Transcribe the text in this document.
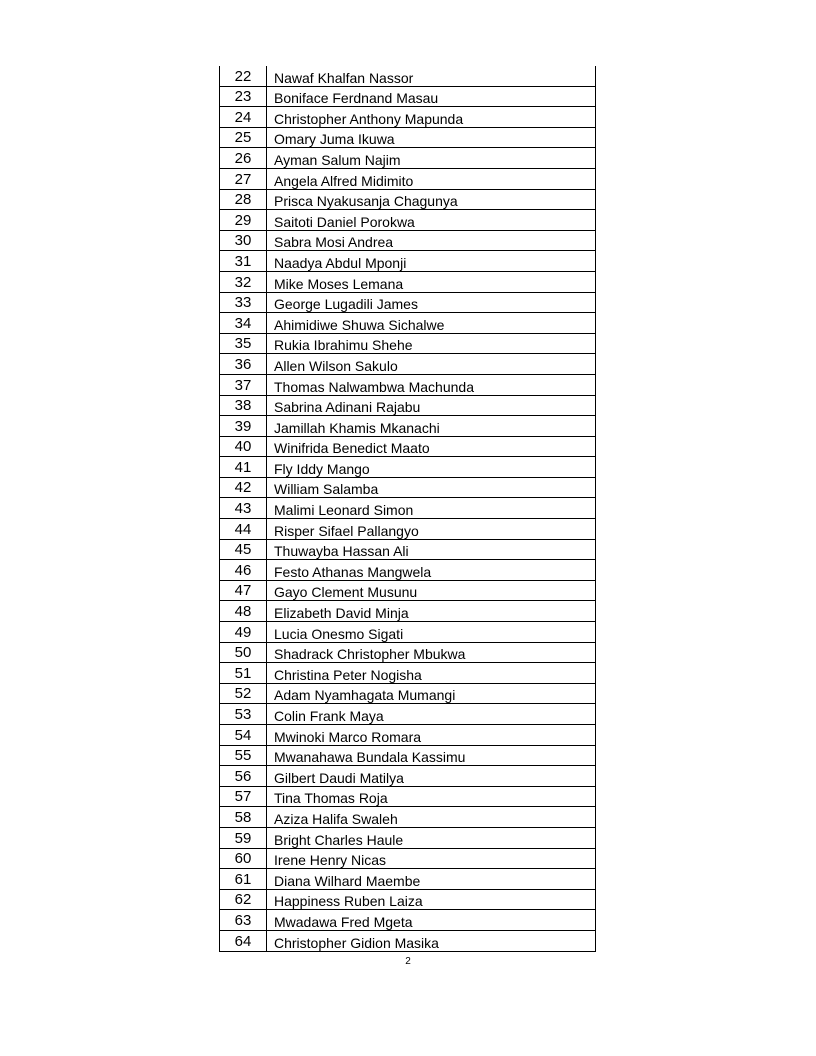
22	Nawaf Khalfan Nassor
23	Boniface Ferdnand Masau
24	Christopher Anthony Mapunda
25	Omary Juma Ikuwa
26	Ayman Salum Najim
27	Angela Alfred Midimito
28	Prisca Nyakusanja Chagunya
29	Saitoti Daniel Porokwa
30	Sabra Mosi Andrea
31	Naadya Abdul Mponji
32	Mike Moses Lemana
33	George Lugadili James
34	Ahimidiwe Shuwa Sichalwe
35	Rukia Ibrahimu Shehe
36	Allen Wilson Sakulo
37	Thomas Nalwambwa Machunda
38	Sabrina Adinani Rajabu
39	Jamillah Khamis Mkanachi
40	Winifrida Benedict Maato
41	Fly Iddy Mango
42	William Salamba
43	Malimi Leonard Simon
44	Risper Sifael Pallangyo
45	Thuwayba Hassan Ali
46	Festo Athanas Mangwela
47	Gayo Clement Musunu
48	Elizabeth David Minja
49	Lucia Onesmo Sigati
50	Shadrack Christopher Mbukwa
51	Christina Peter Nogisha
52	Adam Nyamhagata Mumangi
53	Colin Frank Maya
54	Mwinoki Marco Romara
55	Mwanahawa Bundala Kassimu
56	Gilbert Daudi Matilya
57	Tina Thomas Roja
58	Aziza Halifa Swaleh
59	Bright Charles Haule
60	Irene Henry Nicas
61	Diana Wilhard Maembe
62	Happiness Ruben Laiza
63	Mwadawa Fred Mgeta
64	Christopher Gidion Masika
2
